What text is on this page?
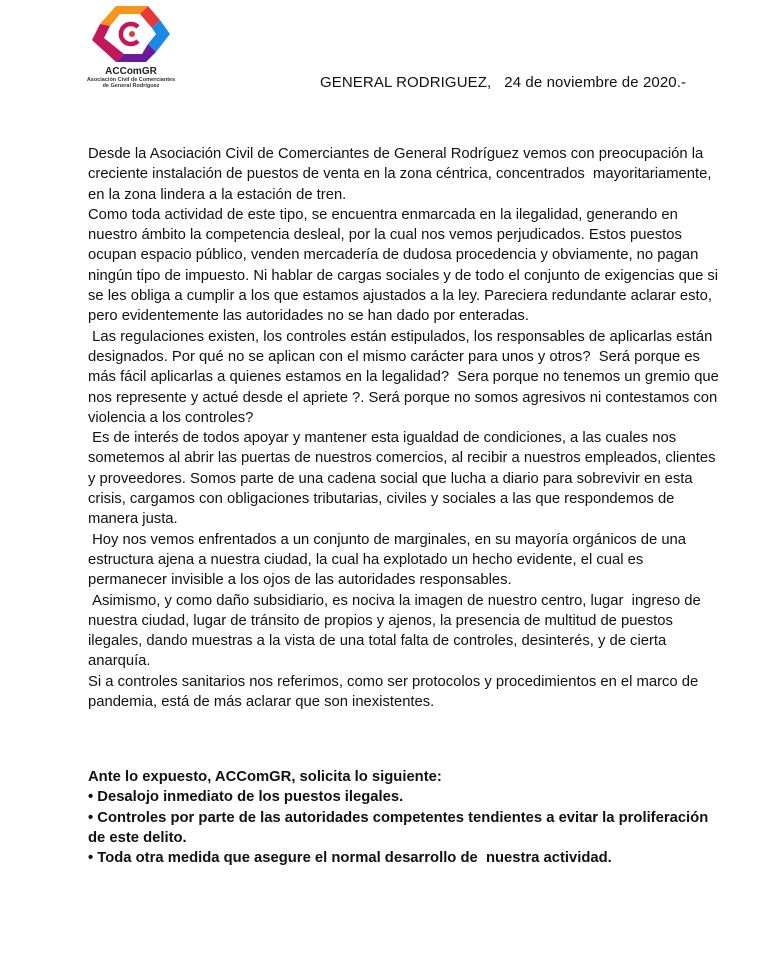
ACComGR
Asociación Civil de Comerciantes
de General Rodríguez	GENERAL RODRIGUEZ, 24 de noviembre de 2020.-

Desde la Asociación Civil de Comerciantes de General Rodríguez vemos con preocupación la creciente instalación de puestos de venta en la zona céntrica, concentrados  mayoritariamente, en la zona lindera a la estación de tren.

Como toda actividad de este tipo, se encuentra enmarcada en la ilegalidad, generando en nuestro ámbito la competencia desleal, por la cual nos vemos perjudicados. Estos puestos   ocupan espacio público, venden mercadería de dudosa procedencia y obviamente, no pagan ningún tipo de impuesto. Ni hablar de cargas sociales y de todo el conjunto de exigencias que si se les obliga a cumplir a los que estamos ajustados a la ley. Pareciera redundante aclarar esto, pero evidentemente las autoridades no se han dado por enteradas.

Las regulaciones existen, los controles están estipulados, los responsables de aplicarlas están designados. Por qué no se aplican con el mismo carácter para unos y otros?  Será porque es más fácil aplicarlas a quienes estamos en la legalidad?  Sera porque no tenemos un gremio que nos represente y actué desde el apriete ?. Será porque no somos agresivos ni contestamos con violencia a los controles?

Es de interés de todos apoyar y mantener esta igualdad de condiciones, a las cuales nos sometemos al abrir las puertas de nuestros comercios, al recibir a nuestros empleados, clientes y proveedores. Somos parte de una cadena social que lucha a diario para sobrevivir en esta crisis, cargamos con obligaciones tributarias, civiles y sociales a las que respondemos de manera justa.

Hoy nos vemos enfrentados a un conjunto de marginales, en su mayoría orgánicos de una estructura ajena a nuestra ciudad, la cual ha explotado un hecho evidente, el cual es permanecer invisible a los ojos de las autoridades responsables.

Asimismo, y como daño subsidiario, es nociva la imagen de nuestro centro, lugar  ingreso de nuestra ciudad, lugar de tránsito de propios y ajenos, la presencia de multitud de puestos ilegales, dando muestras a la vista de una total falta de controles, desinterés, y de cierta anarquía.

Si a controles sanitarios nos referimos, como ser protocolos y procedimientos en el marco de pandemia, está de más aclarar que son inexistentes.

Ante lo expuesto, ACComGR, solicita lo siguiente:

• Desalojo inmediato de los puestos ilegales.

• Controles por parte de las autoridades competentes tendientes a evitar la proliferación de este delito.

• Toda otra medida que asegure el normal desarrollo de  nuestra actividad.
